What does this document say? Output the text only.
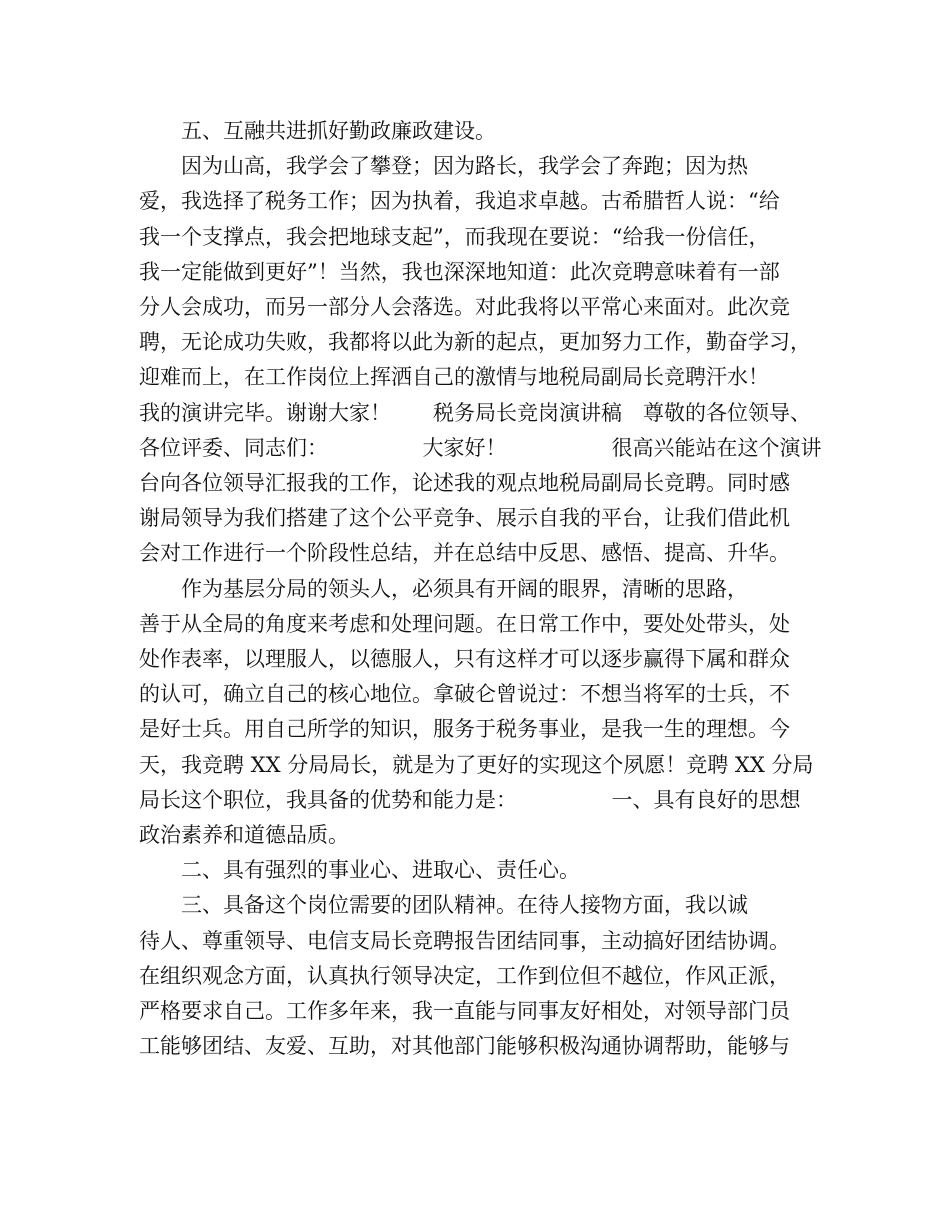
　　五、互融共进抓好勤政廉政建设。
　　因为山高，我学会了攀登；因为路长，我学会了奔跑；因为热
爱，我选择了税务工作；因为执着，我追求卓越。古希腊哲人说：“给
我一个支撑点，我会把地球支起”，而我现在要说：“给我一份信任，
我一定能做到更好”！当然，我也深深地知道：此次竞聘意味着有一部
分人会成功，而另一部分人会落选。对此我将以平常心来面对。此次竞
聘，无论成功失败，我都将以此为新的起点，更加努力工作，勤奋学习，
迎难而上，在工作岗位上挥洒自己的激情与地税局副局长竞聘汗水！
我的演讲完毕。谢谢大家！　　税务局长竞岗演讲稿　尊敬的各位领导、
各位评委、同志们：　　　　　大家好！　　　　　很高兴能站在这个演讲
台向各位领导汇报我的工作，论述我的观点地税局副局长竞聘。同时感
谢局领导为我们搭建了这个公平竞争、展示自我的平台，让我们借此机
会对工作进行一个阶段性总结，并在总结中反思、感悟、提高、升华。
　　作为基层分局的领头人，必须具有开阔的眼界，清晰的思路，
善于从全局的角度来考虑和处理问题。在日常工作中，要处处带头，处
处作表率，以理服人，以德服人，只有这样才可以逐步赢得下属和群众
的认可，确立自己的核心地位。拿破仑曾说过：不想当将军的士兵，不
是好士兵。用自己所学的知识，服务于税务事业，是我一生的理想。今
天，我竞聘 XX 分局局长，就是为了更好的实现这个夙愿！竞聘 XX 分局
局长这个职位，我具备的优势和能力是：　　　　　一、具有良好的思想
政治素养和道德品质。
　　二、具有强烈的事业心、进取心、责任心。
　　三、具备这个岗位需要的团队精神。在待人接物方面，我以诚
待人、尊重领导、电信支局长竞聘报告团结同事，主动搞好团结协调。
在组织观念方面，认真执行领导决定，工作到位但不越位，作风正派，
严格要求自己。工作多年来，我一直能与同事友好相处，对领导部门员
工能够团结、友爱、互助，对其他部门能够积极沟通协调帮助，能够与
